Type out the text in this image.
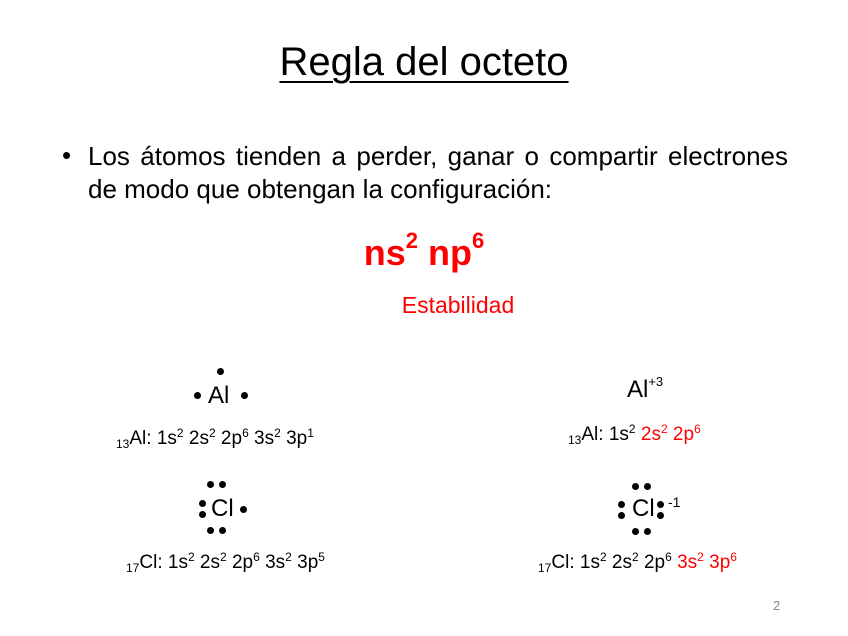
Regla del octeto
• Los átomos tienden a perder, ganar o compartir electrones de modo que obtengan la configuración:
$ns^2$ $np^6$
Estabilidad
Al
$_{13}$Al: $1s^2$ $2s^2$ $2p^6$ $3s^2$ $3p^1$
$Al^{+3}$
$_{13}$Al: $1s^2$ $2s^2$ $2p^6$
Cl
$_{17}$Cl: $1s^2$ $2s^2$ $2p^6$ $3s^2$ $3p^5$
Cl -1
$_{17}$Cl: $1s^2$ $2s^2$ $2p^6$ $3s^2$ $3p^6$
2
